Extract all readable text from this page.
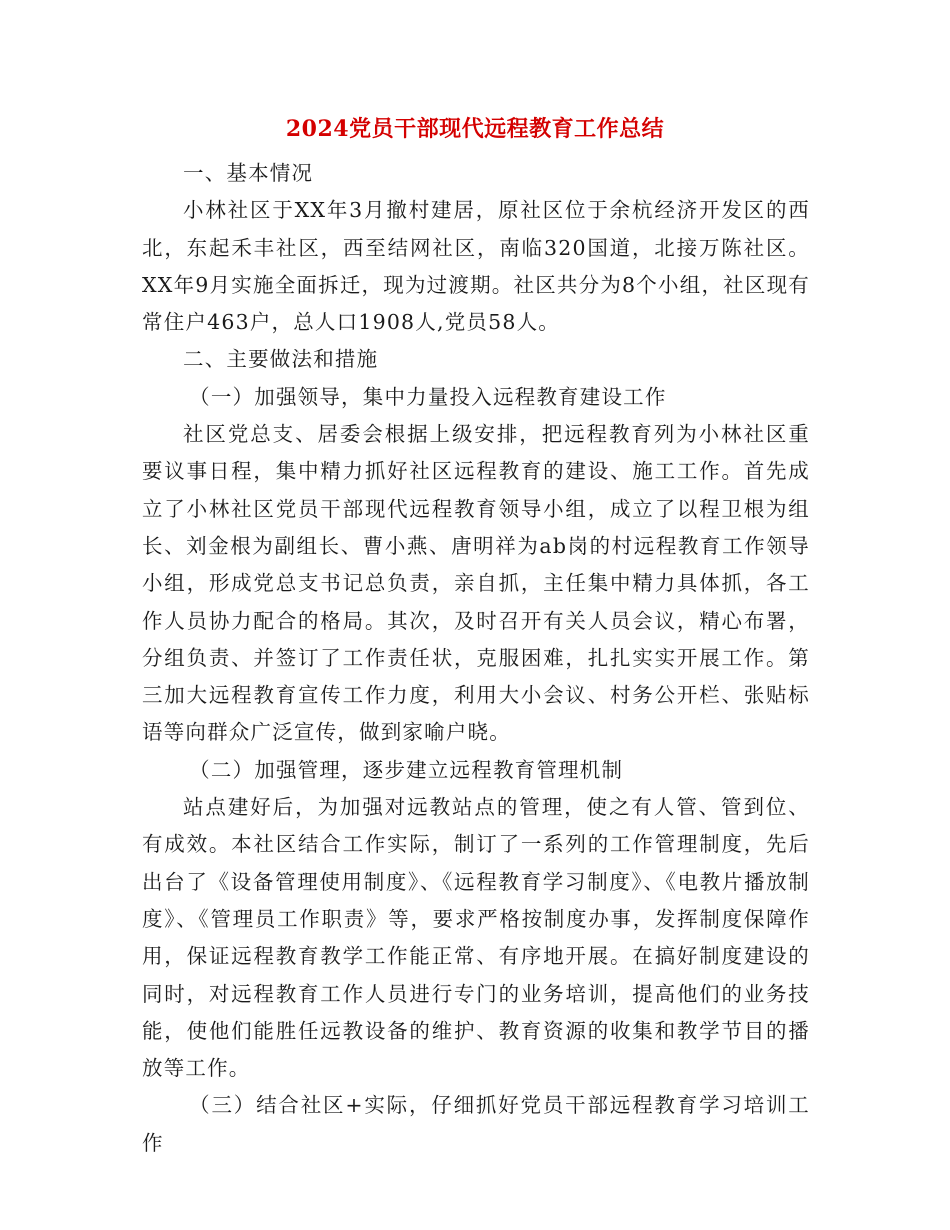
2024党员干部现代远程教育工作总结

一、基本情况

小林社区于XX年3月撤村建居，原社区位于余杭经济开发区的西北，东起禾丰社区，西至结网社区，南临320国道，北接万陈社区。XX年9月实施全面拆迁，现为过渡期。社区共分为8个小组，社区现有常住户463户，总人口1908人,党员58人。

二、主要做法和措施

（一）加强领导，集中力量投入远程教育建设工作

社区党总支、居委会根据上级安排，把远程教育列为小林社区重要议事日程，集中精力抓好社区远程教育的建设、施工工作。首先成立了小林社区党员干部现代远程教育领导小组，成立了以程卫根为组长、刘金根为副组长、曹小燕、唐明祥为ab岗的村远程教育工作领导小组，形成党总支书记总负责，亲自抓，主任集中精力具体抓，各工作人员协力配合的格局。其次，及时召开有关人员会议，精心布署，分组负责、并签订了工作责任状，克服困难，扎扎实实开展工作。第三加大远程教育宣传工作力度，利用大小会议、村务公开栏、张贴标语等向群众广泛宣传，做到家喻户晓。

（二）加强管理，逐步建立远程教育管理机制

站点建好后，为加强对远教站点的管理，使之有人管、管到位、有成效。本社区结合工作实际，制订了一系列的工作管理制度，先后出台了《设备管理使用制度》、《远程教育学习制度》、《电教片播放制度》、《管理员工作职责》等，要求严格按制度办事，发挥制度保障作用，保证远程教育教学工作能正常、有序地开展。在搞好制度建设的同时，对远程教育工作人员进行专门的业务培训，提高他们的业务技能，使他们能胜任远教设备的维护、教育资源的收集和教学节目的播放等工作。

（三）结合社区+实际，仔细抓好党员干部远程教育学习培训工作
